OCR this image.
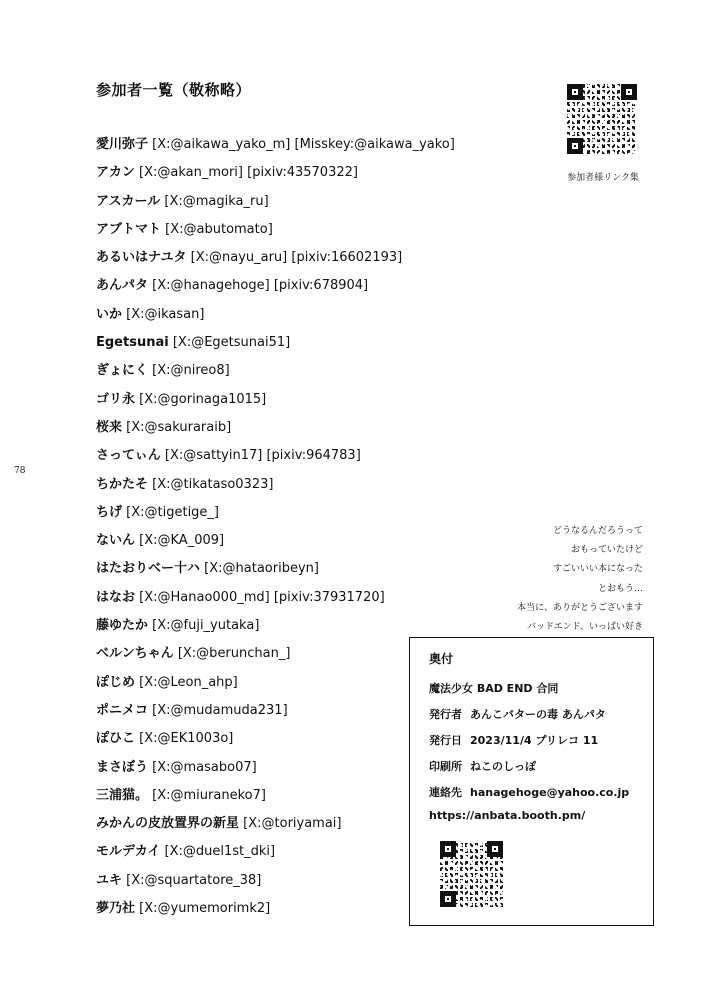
参加者一覧（敬称略）
愛川弥子 [X:@aikawa_yako_m] [Misskey:@aikawa_yako]
アカン [X:@akan_mori] [pixiv:43570322]
アスカール [X:@magika_ru]
アブトマト [X:@abutomato]
あるいはナユタ [X:@nayu_aru] [pixiv:16602193]
あんパタ [X:@hanagehoge] [pixiv:678904]
いか [X:@ikasan]
Egetsunai [X:@Egetsunai51]
ぎょにく [X:@nireo8]
ゴリ永 [X:@gorinaga1015]
桜来 [X:@sakuraraib]
さってぃん [X:@sattyin17] [pixiv:964783]
ちかたそ [X:@tikataso0323]
ちげ [X:@tigetige_]
ないん [X:@KA_009]
はたおりベー十ハ [X:@hataoribeyn]
はなお [X:@Hanao000_md] [pixiv:37931720]
藤ゆたか [X:@fuji_yutaka]
ベルンちゃん [X:@berunchan_]
ぽじめ [X:@Leon_ahp]
ポニメコ [X:@mudamuda231]
ぽひこ [X:@EK1003o]
まさぼう [X:@masabo07]
三浦猫。 [X:@miuraneko7]
みかんの皮放置界の新星 [X:@toriyamai]
モルデカイ [X:@duel1st_dki]
ユキ [X:@squartatore_38]
夢乃社 [X:@yumemorimk2]
78
参加者様リンク集
どうなるんだろうって
おもっていたけど
すごいいい本になった
とおもう…
本当に、ありがとうございます
バッドエンド、いっぱい好き
奥付
魔法少女 BAD END 合同
発行者 あんこバターの毒 あんパタ
発行日 2023/11/4 プリレコ 11
印刷所 ねこのしっぽ
連絡先 hanagehoge@yahoo.co.jp
https://anbata.booth.pm/
